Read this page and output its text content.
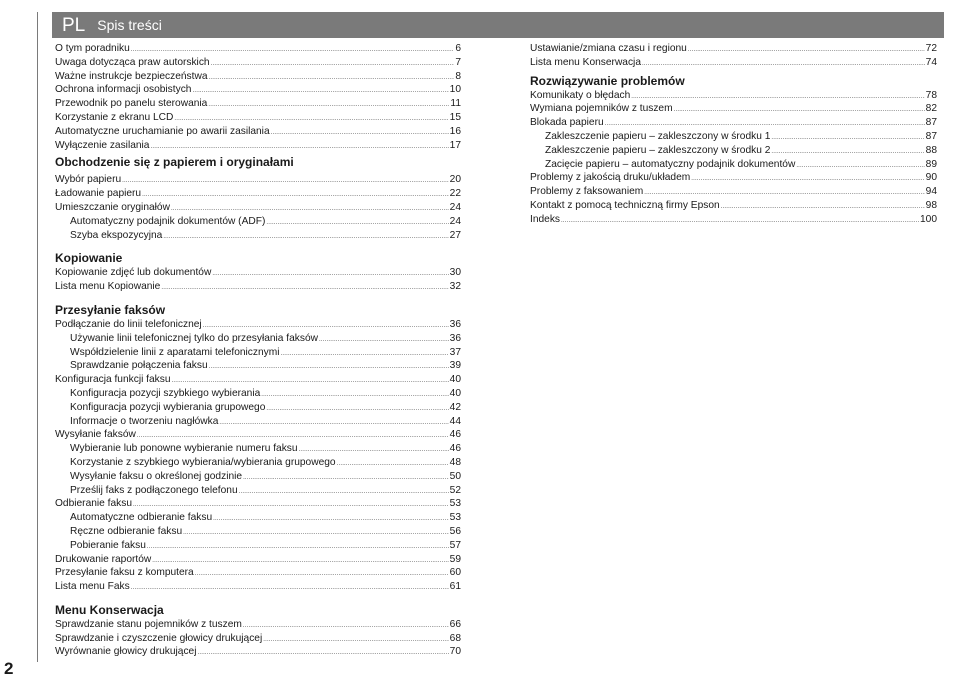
PL Spis treści
O tym poradniku .....	6
Uwaga dotycząca praw autorskich .....	7
Ważne instrukcje bezpieczeństwa .....	8
Ochrona informacji osobistych .....	10
Przewodnik po panelu sterowania .....	11
Korzystanie z ekranu LCD .....	15
Automatyczne uruchamianie po awarii zasilania .....	16
Wyłączenie zasilania .....	17
Obchodzenie się z papierem i oryginałami
Wybór papieru .....	20
Ładowanie papieru .....	22
Umieszczanie oryginałów .....	24
Automatyczny podajnik dokumentów (ADF) .....	24
Szyba ekspozycyjna .....	27
Kopiowanie
Kopiowanie zdjęć lub dokumentów .....	30
Lista menu Kopiowanie .....	32
Przesyłanie faksów
Podłączanie do linii telefonicznej .....	36
Używanie linii telefonicznej tylko do przesyłania faksów .....	36
Współdzielenie linii z aparatami telefonicznymi .....	37
Sprawdzanie połączenia faksu .....	39
Konfiguracja funkcji faksu .....	40
Konfiguracja pozycji szybkiego wybierania .....	40
Konfiguracja pozycji wybierania grupowego .....	42
Informacje o tworzeniu nagłówka .....	44
Wysyłanie faksów .....	46
Wybieranie lub ponowne wybieranie numeru faksu .....	46
Korzystanie z szybkiego wybierania/wybierania grupowego .....	48
Wysyłanie faksu o określonej godzinie .....	50
Prześlij faks z podłączonego telefonu .....	52
Odbieranie faksu .....	53
Automatyczne odbieranie faksu .....	53
Ręczne odbieranie faksu .....	56
Pobieranie faksu .....	57
Drukowanie raportów .....	59
Przesyłanie faksu z komputera .....	60
Lista menu Faks .....	61
Menu Konserwacja
Sprawdzanie stanu pojemników z tuszem .....	66
Sprawdzanie i czyszczenie głowicy drukującej .....	68
Wyrównanie głowicy drukującej .....	70
Ustawianie/zmiana czasu i regionu .....	72
Lista menu Konserwacja .....	74
Rozwiązywanie problemów
Komunikaty o błędach .....	78
Wymiana pojemników z tuszem .....	82
Blokada papieru .....	87
Zakleszczenie papieru – zakleszczony w środku 1 .....	87
Zakleszczenie papieru – zakleszczony w środku 2 .....	88
Zacięcie papieru – automatyczny podajnik dokumentów .....	89
Problemy z jakością druku/układem .....	90
Problemy z faksowaniem .....	94
Kontakt z pomocą techniczną firmy Epson .....	98
Indeks .....	100
2
